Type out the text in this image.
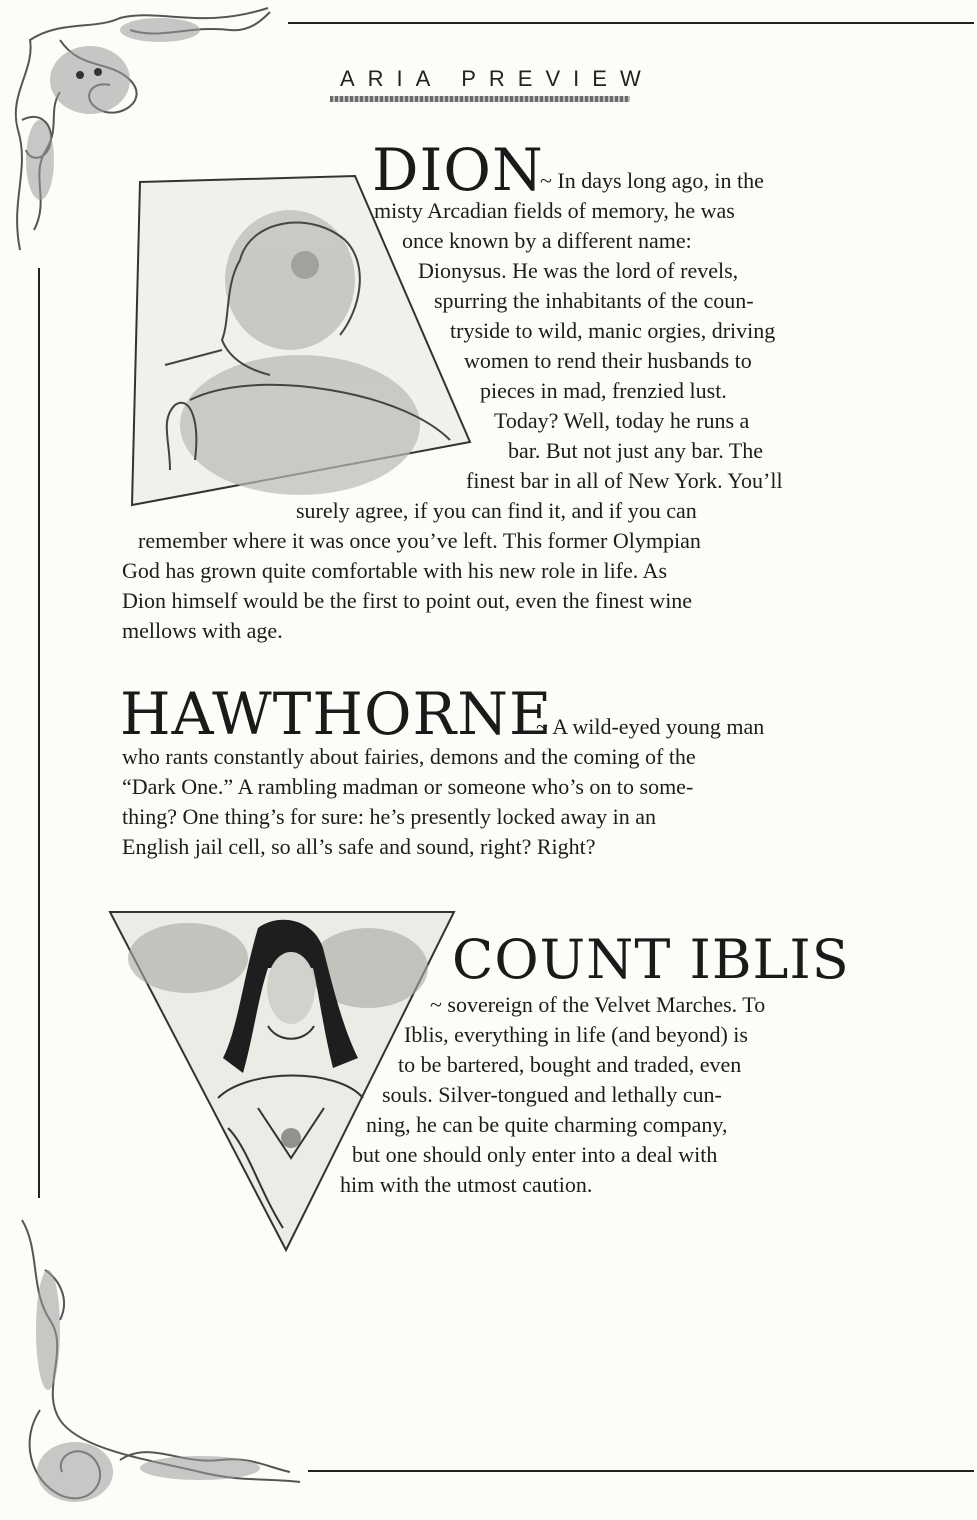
ARIA PREVIEW
DION
~ In days long ago, in the
misty Arcadian fields of memory, he was
once known by a different name:
Dionysus. He was the lord of revels,
spurring the inhabitants of the coun-
tryside to wild, manic orgies, driving
women to rend their husbands to
pieces in mad, frenzied lust.
Today? Well, today he runs a
bar. But not just any bar. The
finest bar in all of New York. You’ll
surely agree, if you can find it, and if you can
remember where it was once you’ve left. This former Olympian
God has grown quite comfortable with his new role in life. As
Dion himself would be the first to point out, even the finest wine
mellows with age.
HAWTHORNE
~ A wild-eyed young man
who rants constantly about fairies, demons and the coming of the
“Dark One.” A rambling madman or someone who’s on to some-
thing? One thing’s for sure: he’s presently locked away in an
English jail cell, so all’s safe and sound, right? Right?
COUNT IBLIS
~ sovereign of the Velvet Marches. To
Iblis, everything in life (and beyond) is
to be bartered, bought and traded, even
souls. Silver-tongued and lethally cun-
ning, he can be quite charming company,
but one should only enter into a deal with
him with the utmost caution.
